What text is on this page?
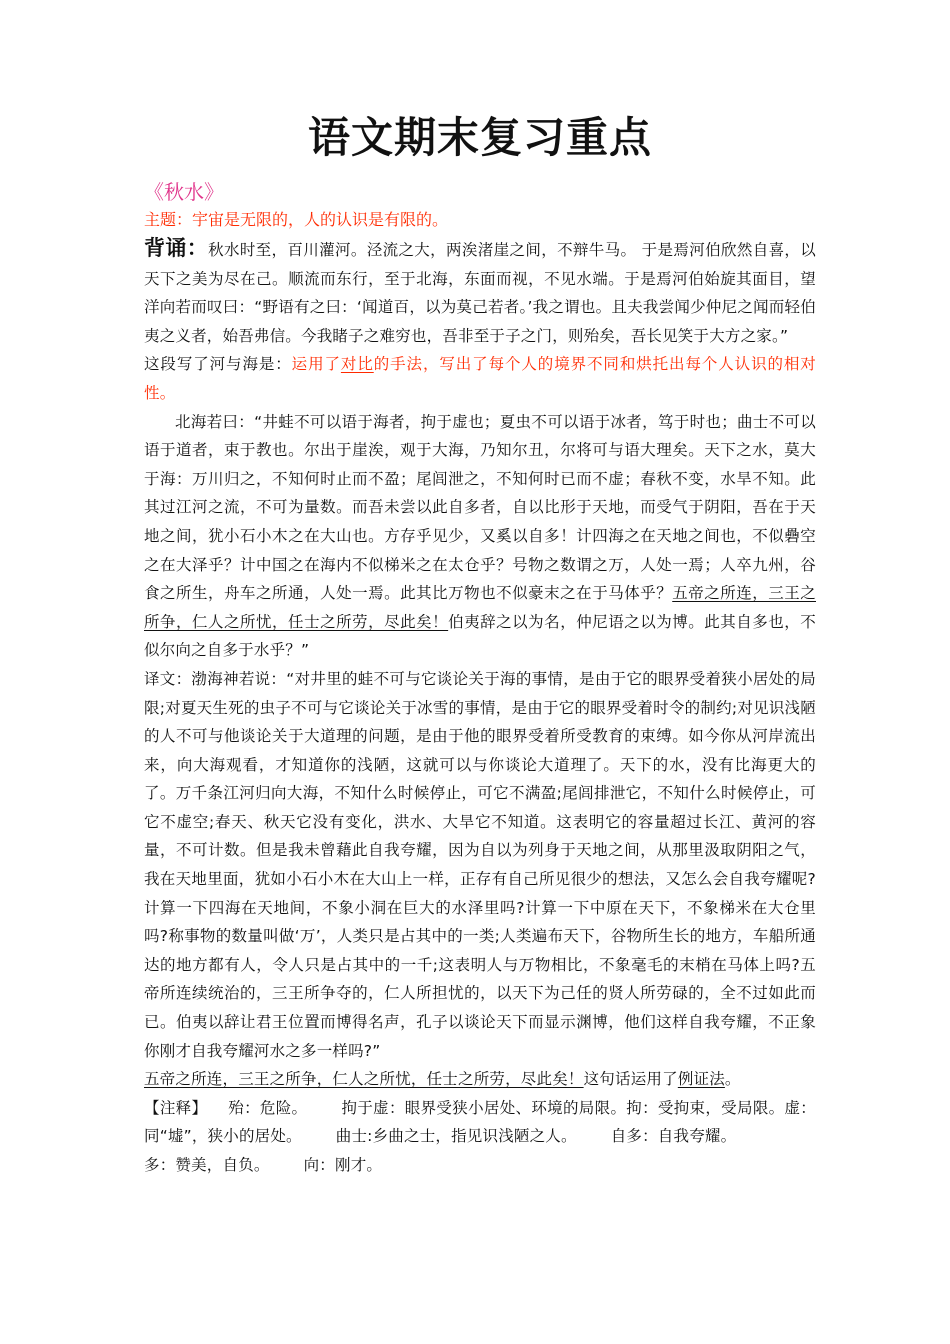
语文期末复习重点

《秋水》

主题：宇宙是无限的，人的认识是有限的。

背诵：秋水时至，百川灌河。泾流之大，两涘渚崖之间，不辩牛马。 于是焉河伯欣然自喜，以天下之美为尽在己。顺流而东行，至于北海，东面而视，不见水端。于是焉河伯始旋其面目，望洋向若而叹曰：“野语有之曰：‘闻道百，以为莫己若者。’我之谓也。且夫我尝闻少仲尼之闻而轻伯夷之义者，始吾弗信。今我睹子之难穷也，吾非至于子之门，则殆矣，吾长见笑于大方之家。”

这段写了河与海是：运用了对比的手法，写出了每个人的境界不同和烘托出每个人认识的相对性。

北海若曰：“井蛙不可以语于海者，拘于虚也；夏虫不可以语于冰者，笃于时也；曲士不可以语于道者，束于教也。尔出于崖涘，观于大海，乃知尔丑，尔将可与语大理矣。天下之水，莫大于海：万川归之，不知何时止而不盈；尾闾泄之，不知何时已而不虚；春秋不变，水旱不知。此其过江河之流，不可为量数。而吾未尝以此自多者，自以比形于天地，而受气于阴阳，吾在于天地之间，犹小石小木之在大山也。方存乎见少，又奚以自多！计四海之在天地之间也，不似礨空之在大泽乎？计中国之在海内不似梯米之在太仓乎？号物之数谓之万，人处一焉；人卒九州，谷食之所生，舟车之所通，人处一焉。此其比万物也不似豪末之在于马体乎？五帝之所连，三王之所争，仁人之所忧，任士之所劳，尽此矣！伯夷辞之以为名，仲尼语之以为博。此其自多也，不似尔向之自多于水乎？”

译文：渤海神若说：“对井里的蛙不可与它谈论关于海的事情，是由于它的眼界受着狭小居处的局限;对夏天生死的虫子不可与它谈论关于冰雪的事情，是由于它的眼界受着时令的制约;对见识浅陋的人不可与他谈论关于大道理的问题，是由于他的眼界受着所受教育的束缚。如今你从河岸流出来，向大海观看，才知道你的浅陋，这就可以与你谈论大道理了。天下的水，没有比海更大的了。万千条江河归向大海，不知什么时候停止，可它不满盈;尾闾排泄它，不知什么时候停止，可它不虚空;春天、秋天它没有变化，洪水、大旱它不知道。这表明它的容量超过长江、黄河的容量，不可计数。但是我未曾藉此自我夸耀，因为自以为列身于天地之间，从那里汲取阴阳之气，我在天地里面，犹如小石小木在大山上一样，正存有自己所见很少的想法，又怎么会自我夸耀呢?计算一下四海在天地间，不象小洞在巨大的水泽里吗?计算一下中原在天下，不象梯米在大仓里吗?称事物的数量叫做‘万’，人类只是占其中的一类;人类遍布天下，谷物所生长的地方，车船所通达的地方都有人，令人只是占其中的一千;这表明人与万物相比，不象毫毛的末梢在马体上吗?五帝所连续统治的，三王所争夺的，仁人所担忧的，以天下为己任的贤人所劳碌的，全不过如此而已。伯夷以辞让君王位置而博得名声，孔子以谈论天下而显示渊博，他们这样自我夸耀，不正象你刚才自我夸耀河水之多一样吗?”

五帝之所连，三王之所争，仁人之所忧，任士之所劳，尽此矣！这句话运用了例证法。

【注释】 殆：危险。 拘于虚：眼界受狭小居处、环境的局限。拘：受拘束，受局限。虚：同“墟”，狭小的居处。 曲士:乡曲之士，指见识浅陋之人。 自多：自我夸耀。
多：赞美，自负。 向：刚才。
